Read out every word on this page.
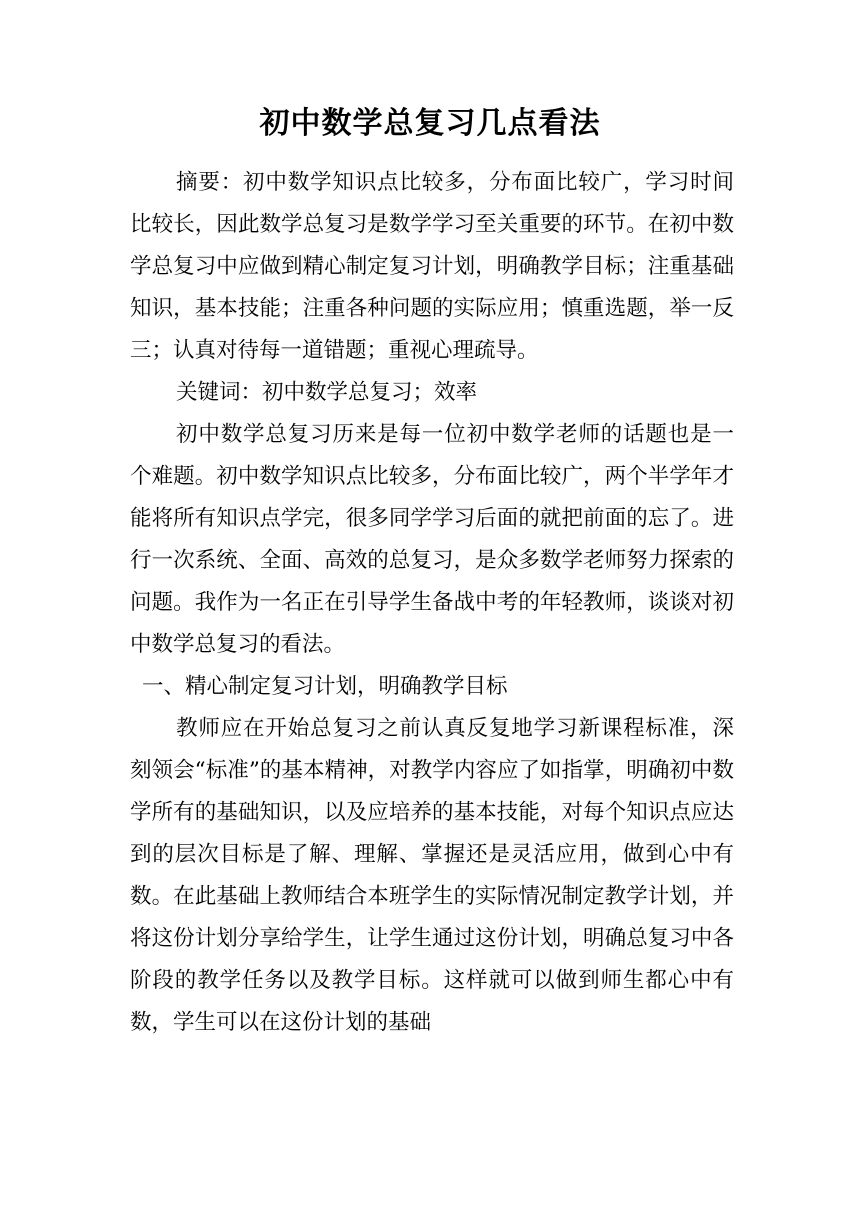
初中数学总复习几点看法

摘要：初中数学知识点比较多，分布面比较广，学习时间比较长，因此数学总复习是数学学习至关重要的环节。在初中数学总复习中应做到精心制定复习计划，明确教学目标；注重基础知识，基本技能；注重各种问题的实际应用；慎重选题，举一反三；认真对待每一道错题；重视心理疏导。

关键词：初中数学总复习；效率

初中数学总复习历来是每一位初中数学老师的话题也是一个难题。初中数学知识点比较多，分布面比较广，两个半学年才能将所有知识点学完，很多同学学习后面的就把前面的忘了。进行一次系统、全面、高效的总复习，是众多数学老师努力探索的问题。我作为一名正在引导学生备战中考的年轻教师，谈谈对初中数学总复习的看法。

一、精心制定复习计划，明确教学目标

教师应在开始总复习之前认真反复地学习新课程标准，深刻领会“标准”的基本精神，对教学内容应了如指掌，明确初中数学所有的基础知识，以及应培养的基本技能，对每个知识点应达到的层次目标是了解、理解、掌握还是灵活应用，做到心中有数。在此基础上教师结合本班学生的实际情况制定教学计划，并将这份计划分享给学生，让学生通过这份计划，明确总复习中各阶段的教学任务以及教学目标。这样就可以做到师生都心中有数，学生可以在这份计划的基础
